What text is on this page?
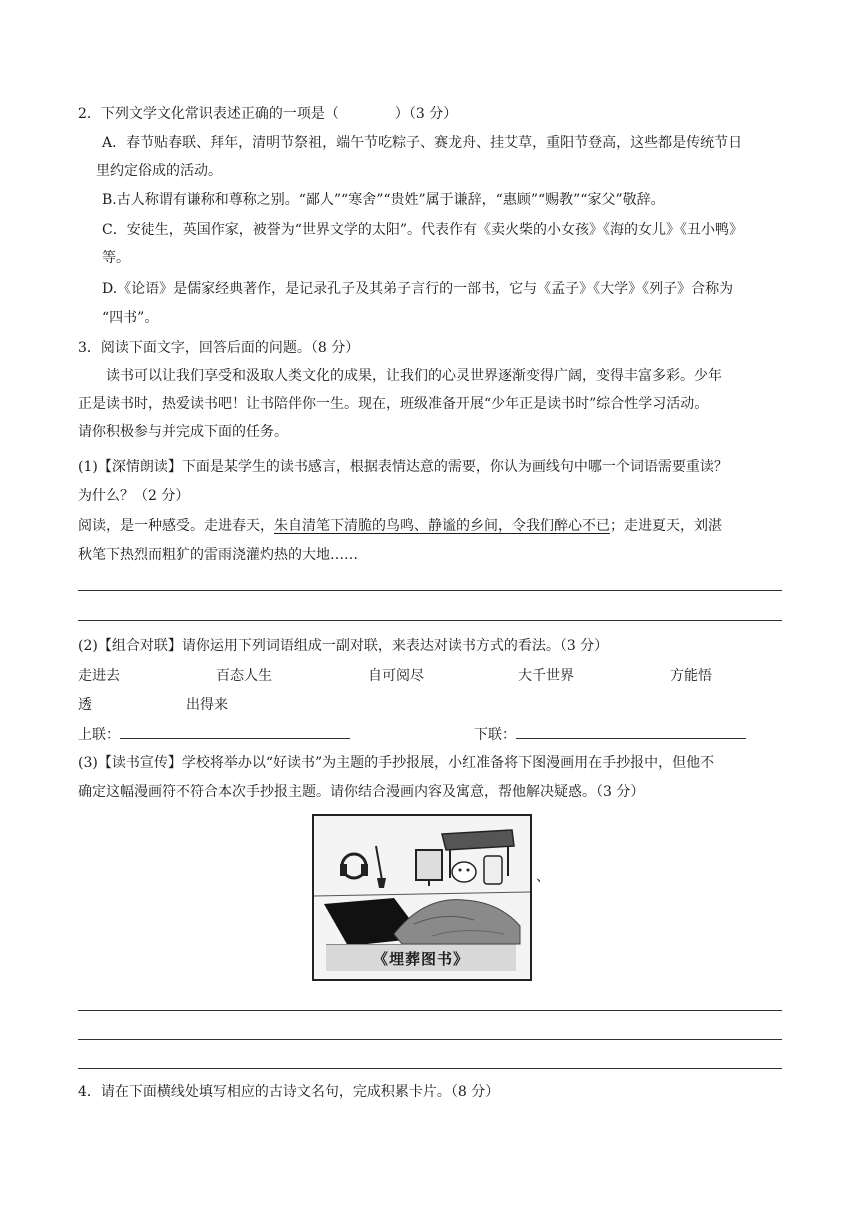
2．下列文学文化常识表述正确的一项是（　　　　）（3 分）
A．春节贴春联、拜年，清明节祭祖，端午节吃粽子、赛龙舟、挂艾草，重阳节登高，这些都是传统节日
里约定俗成的活动。
B.古人称谓有谦称和尊称之别。“鄙人”“寒舍”“贵姓”属于谦辞，“惠顾”“赐教”“家父”敬辞。
C．安徒生，英国作家，被誉为“世界文学的太阳”。代表作有《卖火柴的小女孩》《海的女儿》《丑小鸭》
等。
D.《论语》是儒家经典著作，是记录孔子及其弟子言行的一部书，它与《孟子》《大学》《列子》合称为
“四书”。
3．阅读下面文字，回答后面的问题。（8 分）
读书可以让我们享受和汲取人类文化的成果，让我们的心灵世界逐渐变得广阔，变得丰富多彩。少年
正是读书时，热爱读书吧！让书陪伴你一生。现在，班级准备开展“少年正是读书时”综合性学习活动。
请你积极参与并完成下面的任务。
(1)【深情朗读】下面是某学生的读书感言，根据表情达意的需要，你认为画线句中哪一个词语需要重读？
为什么？（2 分）
阅读，是一种感受。走进春天，朱自清笔下清脆的鸟鸣、静谧的乡间，令我们醉心不已；走进夏天，刘湛
秋笔下热烈而粗犷的雷雨浇灌灼热的大地……
(2)【组合对联】请你运用下列词语组成一副对联，来表达对读书方式的看法。（3 分）
走进去	百态人生	自可阅尽	大千世界	方能悟
透	出得来
上联：	下联：
(3)【读书宣传】学校将举办以“好读书”为主题的手抄报展，小红准备将下图漫画用在手抄报中，但他不
确定这幅漫画符不符合本次手抄报主题。请你结合漫画内容及寓意，帮他解决疑惑。（3 分）
《埋葬图书》
、
4．请在下面横线处填写相应的古诗文名句，完成积累卡片。（8 分）
